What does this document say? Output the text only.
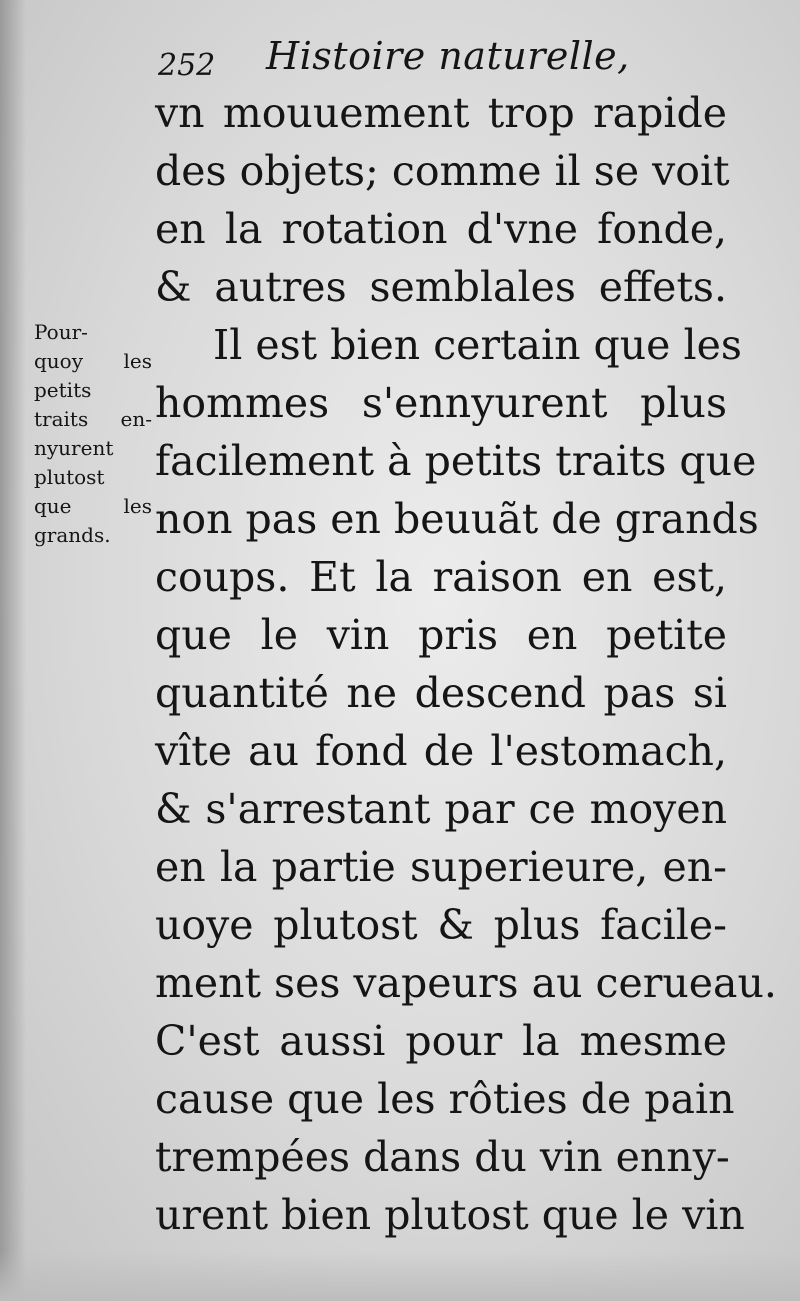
252 Histoire naturelle,
Pour-
quoy les
petits
traits en-
nyurent
plutost
que les
grands.
vn mouuement trop rapide
des objets; comme il se voit
en la rotation d'vne fonde,
& autres semblales effets.
Il est bien certain que les
hommes s'ennyurent plus
facilement à petits traits que
non pas en beuuãt de grands
coups. Et la raison en est,
que le vin pris en petite
quantité ne descend pas si
vîte au fond de l'estomach,
& s'arrestant par ce moyen
en la partie superieure, en-
uoye plutost & plus facile-
ment ses vapeurs au cerueau.
C'est aussi pour la mesme
cause que les rôties de pain
trempées dans du vin enny-
urent bien plutost que le vin
